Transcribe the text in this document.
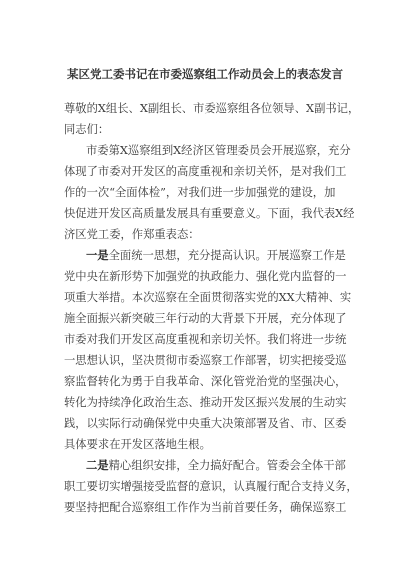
某区党工委书记在市委巡察组工作动员会上的表态发言
尊敬的X组长、X副组长、市委巡察组各位领导、X副书记，
同志们：
市委第X巡察组到X经济区管理委员会开展巡察，充分
体现了市委对开发区的高度重视和亲切关怀，是对我们工
作的一次“全面体检”，对我们进一步加强党的建设，加
快促进开发区高质量发展具有重要意义。下面，我代表X经
济区党工委，作郑重表态：
一是全面统一思想，充分提高认识。开展巡察工作是
党中央在新形势下加强党的执政能力、强化党内监督的一
项重大举措。本次巡察在全面贯彻落实党的XX大精神、实
施全面振兴新突破三年行动的大背景下开展，充分体现了
市委对我们开发区高度重视和亲切关怀。我们将进一步统
一思想认识，坚决贯彻市委巡察工作部署，切实把接受巡
察监督转化为勇于自我革命、深化管党治党的坚强决心，
转化为持续净化政治生态、推动开发区振兴发展的生动实
践，以实际行动确保党中央重大决策部署及省、市、区委
具体要求在开发区落地生根。
二是精心组织安排，全力搞好配合。管委会全体干部
职工要切实增强接受监督的意识，认真履行配合支持义务，
要坚持把配合巡察组工作作为当前首要任务，确保巡察工
